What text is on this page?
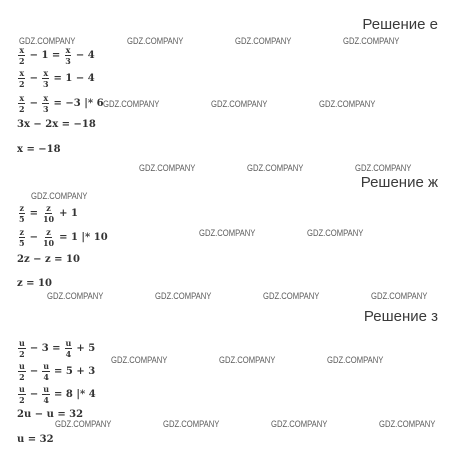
Решение е
Решение ж
Решение з
$\frac{x}{2} - 1 = \frac{x}{3} - 4$
$\frac{x}{2} - \frac{x}{3} = 1 - 4$
$\frac{x}{2} - \frac{x}{3} = -3$ |* 6
3x − 2x = −18
x = −18
$\frac{z}{5} = \frac{z}{10} + 1$
$\frac{z}{5} - \frac{z}{10} = 1$ |* 10
2z − z = 10
z = 10
$\frac{u}{2} - 3 = \frac{u}{4} + 5$
$\frac{u}{2} - \frac{u}{4} = 5 + 3$
$\frac{u}{2} - \frac{u}{4} = 8$ |* 4
2u − u = 32
u = 32
GDZ.COMPANY	GDZ.COMPANY	GDZ.COMPANY	GDZ.COMPANY
GDZ.COMPANY	GDZ.COMPANY	GDZ.COMPANY
GDZ.COMPANY	GDZ.COMPANY	GDZ.COMPANY
GDZ.COMPANY
GDZ.COMPANY	GDZ.COMPANY
GDZ.COMPANY	GDZ.COMPANY	GDZ.COMPANY	GDZ.COMPANY
GDZ.COMPANY	GDZ.COMPANY	GDZ.COMPANY
GDZ.COMPANY	GDZ.COMPANY	GDZ.COMPANY	GDZ.COMPANY
